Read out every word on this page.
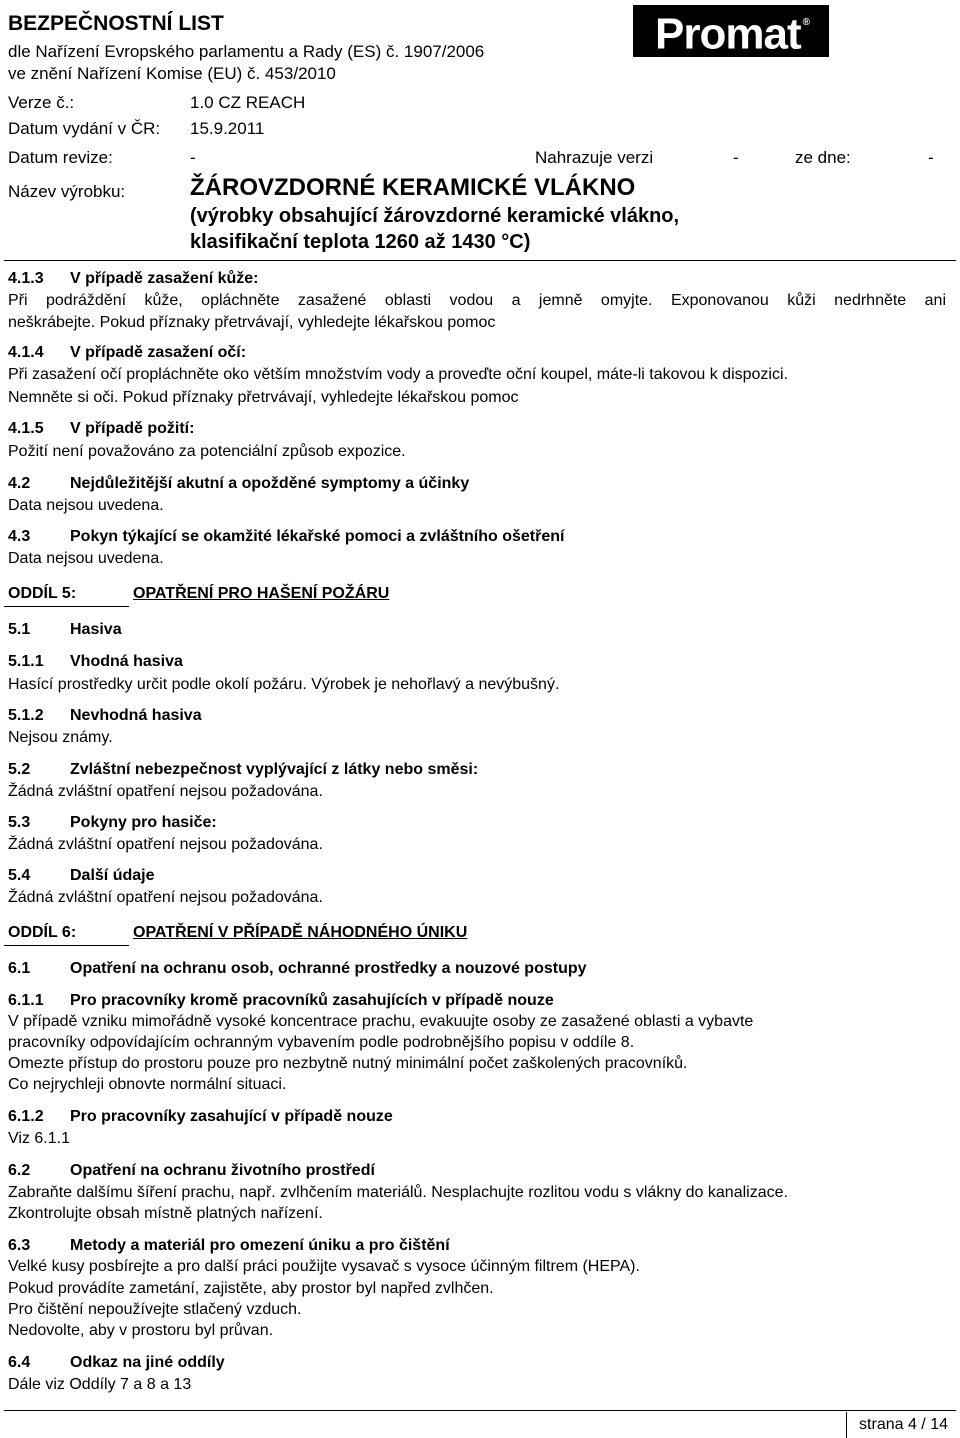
BEZPEČNOSTNÍ LIST
dle Nařízení Evropského parlamentu a Rady (ES) č. 1907/2006
ve znění Nařízení Komise (EU) č. 453/2010
Promat ®
Verze č.:	1.0 CZ REACH
Datum vydání v ČR: 15.9.2011
Datum revize:	-	Nahrazuje verzi	-	ze dne:	-
Název výrobku:	ŽÁROVZDORNÉ KERAMICKÉ VLÁKNO
(výrobky obsahující žárovzdorné keramické vlákno,
klasifikační teplota 1260 až 1430 °C)
4.1.3 V případě zasažení kůže:
Při podráždění kůže, opláchněte zasažené oblasti vodou a jemně omyjte. Exponovanou kůži nedrhněte ani
neškrábejte. Pokud příznaky přetrvávají, vyhledejte lékařskou pomoc
4.1.4 V případě zasažení očí:
Při zasažení očí propláchněte oko větším množstvím vody a proveďte oční koupel, máte-li takovou k dispozici.
Nemněte si oči. Pokud příznaky přetrvávají, vyhledejte lékařskou pomoc
4.1.5 V případě požití:
Požití není považováno za potenciální způsob expozice.
4.2 Nejdůležitější akutní a opožděné symptomy a účinky
Data nejsou uvedena.
4.3 Pokyn týkající se okamžité lékařské pomoci a zvláštního ošetření
Data nejsou uvedena.
ODDÍL 5:	OPATŘENÍ PRO HAŠENÍ POŽÁRU
5.1 Hasiva
5.1.1 Vhodná hasiva
Hasící prostředky určit podle okolí požáru. Výrobek je nehořlavý a nevýbušný.
5.1.2 Nevhodná hasiva
Nejsou známy.
5.2 Zvláštní nebezpečnost vyplývající z látky nebo směsi:
Žádná zvláštní opatření nejsou požadována.
5.3 Pokyny pro hasiče:
Žádná zvláštní opatření nejsou požadována.
5.4 Další údaje
Žádná zvláštní opatření nejsou požadována.
ODDÍL 6:	OPATŘENÍ V PŘÍPADĚ NÁHODNÉHO ÚNIKU
6.1 Opatření na ochranu osob, ochranné prostředky a nouzové postupy
6.1.1 Pro pracovníky kromě pracovníků zasahujících v případě nouze
V případě vzniku mimořádně vysoké koncentrace prachu, evakuujte osoby ze zasažené oblasti a vybavte
pracovníky odpovídajícím ochranným vybavením podle podrobnějšího popisu v oddíle 8.
Omezte přístup do prostoru pouze pro nezbytně nutný minimální počet zaškolených pracovníků.
Co nejrychleji obnovte normální situaci.
6.1.2 Pro pracovníky zasahující v případě nouze
Viz 6.1.1
6.2 Opatření na ochranu životního prostředí
Zabraňte dalšímu šíření prachu, např. zvlhčením materiálů. Nesplachujte rozlitou vodu s vlákny do kanalizace.
Zkontrolujte obsah místně platných nařízení.
6.3 Metody a materiál pro omezení úniku a pro čištění
Velké kusy posbírejte a pro další práci použijte vysavač s vysoce účinným filtrem (HEPA).
Pokud provádíte zametání, zajistěte, aby prostor byl napřed zvlhčen.
Pro čištění nepoužívejte stlačený vzduch.
Nedovolte, aby v prostoru byl průvan.
6.4 Odkaz na jiné oddíly
Dále viz Oddíly 7 a 8 a 13
strana 4 / 14
